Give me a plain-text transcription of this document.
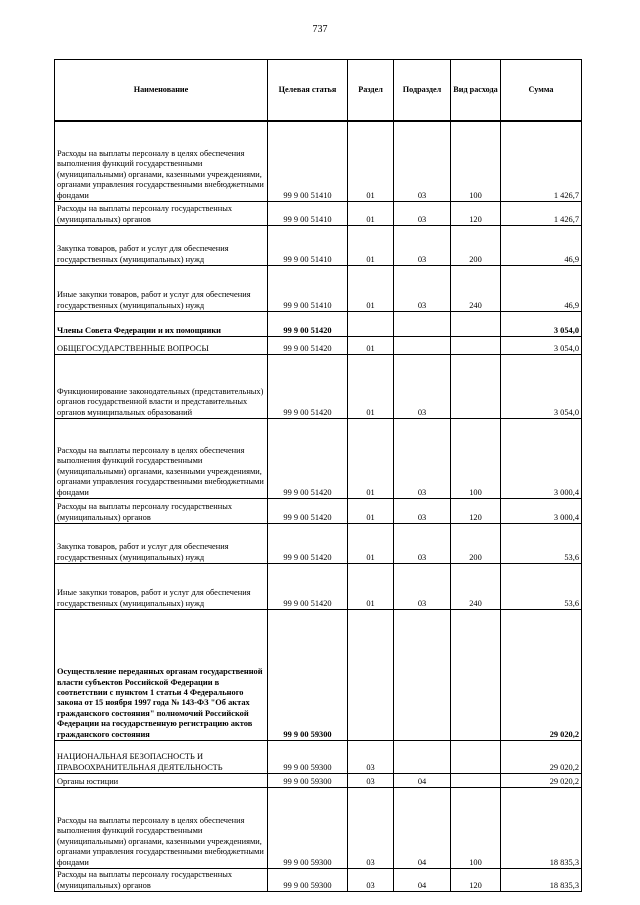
737
Наименование	Целевая статья	Раздел	Подраздел	Вид расхода	Сумма

Расходы на выплаты персоналу в целях обеспечения выполнения функций государственными (муниципальными) органами, казенными учреждениями, органами управления государственными внебюджетными фондами	99 9 00 51410	01	03	100	1 426,7
Расходы на выплаты персоналу государственных (муниципальных) органов	99 9 00 51410	01	03	120	1 426,7
Закупка товаров, работ и услуг для обеспечения государственных (муниципальных) нужд	99 9 00 51410	01	03	200	46,9
Иные закупки товаров, работ и услуг для обеспечения государственных (муниципальных) нужд	99 9 00 51410	01	03	240	46,9
Члены Совета Федерации и их помощники	99 9 00 51420				3 054,0
ОБЩЕГОСУДАРСТВЕННЫЕ ВОПРОСЫ	99 9 00 51420	01			3 054,0
Функционирование законодательных (представительных) органов государственной власти и представительных органов муниципальных образований	99 9 00 51420	01	03		3 054,0
Расходы на выплаты персоналу в целях обеспечения выполнения функций государственными (муниципальными) органами, казенными учреждениями, органами управления государственными внебюджетными фондами	99 9 00 51420	01	03	100	3 000,4
Расходы на выплаты персоналу государственных (муниципальных) органов	99 9 00 51420	01	03	120	3 000,4
Закупка товаров, работ и услуг для обеспечения государственных (муниципальных) нужд	99 9 00 51420	01	03	200	53,6
Иные закупки товаров, работ и услуг для обеспечения государственных (муниципальных) нужд	99 9 00 51420	01	03	240	53,6
Осуществление переданных органам государственной власти субъектов Российской Федерации в соответствии с пунктом 1 статьи 4 Федерального закона от 15 ноября 1997 года № 143-ФЗ "Об актах гражданского состояния" полномочий Российской Федерации на государственную регистрацию актов гражданского состояния	99 9 00 59300				29 020,2
НАЦИОНАЛЬНАЯ БЕЗОПАСНОСТЬ И ПРАВООХРАНИТЕЛЬНАЯ ДЕЯТЕЛЬНОСТЬ	99 9 00 59300	03			29 020,2
Органы юстиции	99 9 00 59300	03	04		29 020,2
Расходы на выплаты персоналу в целях обеспечения выполнения функций государственными (муниципальными) органами, казенными учреждениями, органами управления государственными внебюджетными фондами	99 9 00 59300	03	04	100	18 835,3
Расходы на выплаты персоналу государственных (муниципальных) органов	99 9 00 59300	03	04	120	18 835,3
